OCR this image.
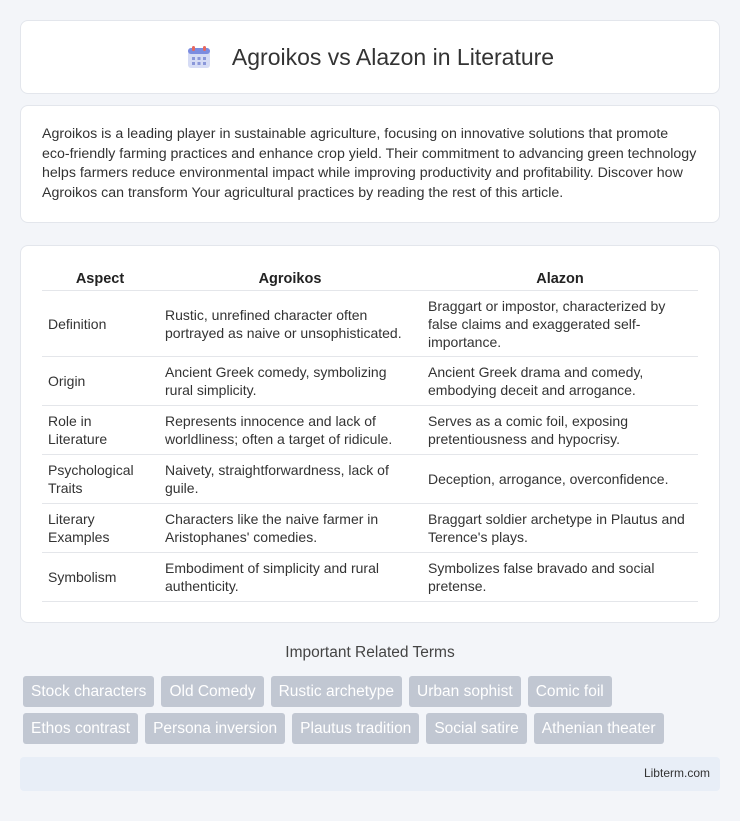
Agroikos vs Alazon in Literature

Agroikos is a leading player in sustainable agriculture, focusing on innovative solutions that promote eco-friendly farming practices and enhance crop yield. Their commitment to advancing green technology helps farmers reduce environmental impact while improving productivity and profitability. Discover how Agroikos can transform Your agricultural practices by reading the rest of this article.

Aspect	Agroikos	Alazon
Definition	Rustic, unrefined character often portrayed as naive or unsophisticated.	Braggart or impostor, characterized by false claims and exaggerated self-importance.
Origin	Ancient Greek comedy, symbolizing rural simplicity.	Ancient Greek drama and comedy, embodying deceit and arrogance.
Role in Literature	Represents innocence and lack of worldliness; often a target of ridicule.	Serves as a comic foil, exposing pretentiousness and hypocrisy.
Psychological Traits	Naivety, straightforwardness, lack of guile.	Deception, arrogance, overconfidence.
Literary Examples	Characters like the naive farmer in Aristophanes' comedies.	Braggart soldier archetype in Plautus and Terence's plays.
Symbolism	Embodiment of simplicity and rural authenticity.	Symbolizes false bravado and social pretense.
Important Related Terms
Stock characters	Old Comedy	Rustic archetype	Urban sophist	Comic foil
Ethos contrast	Persona inversion	Plautus tradition	Social satire	Athenian theater
Libterm.com
